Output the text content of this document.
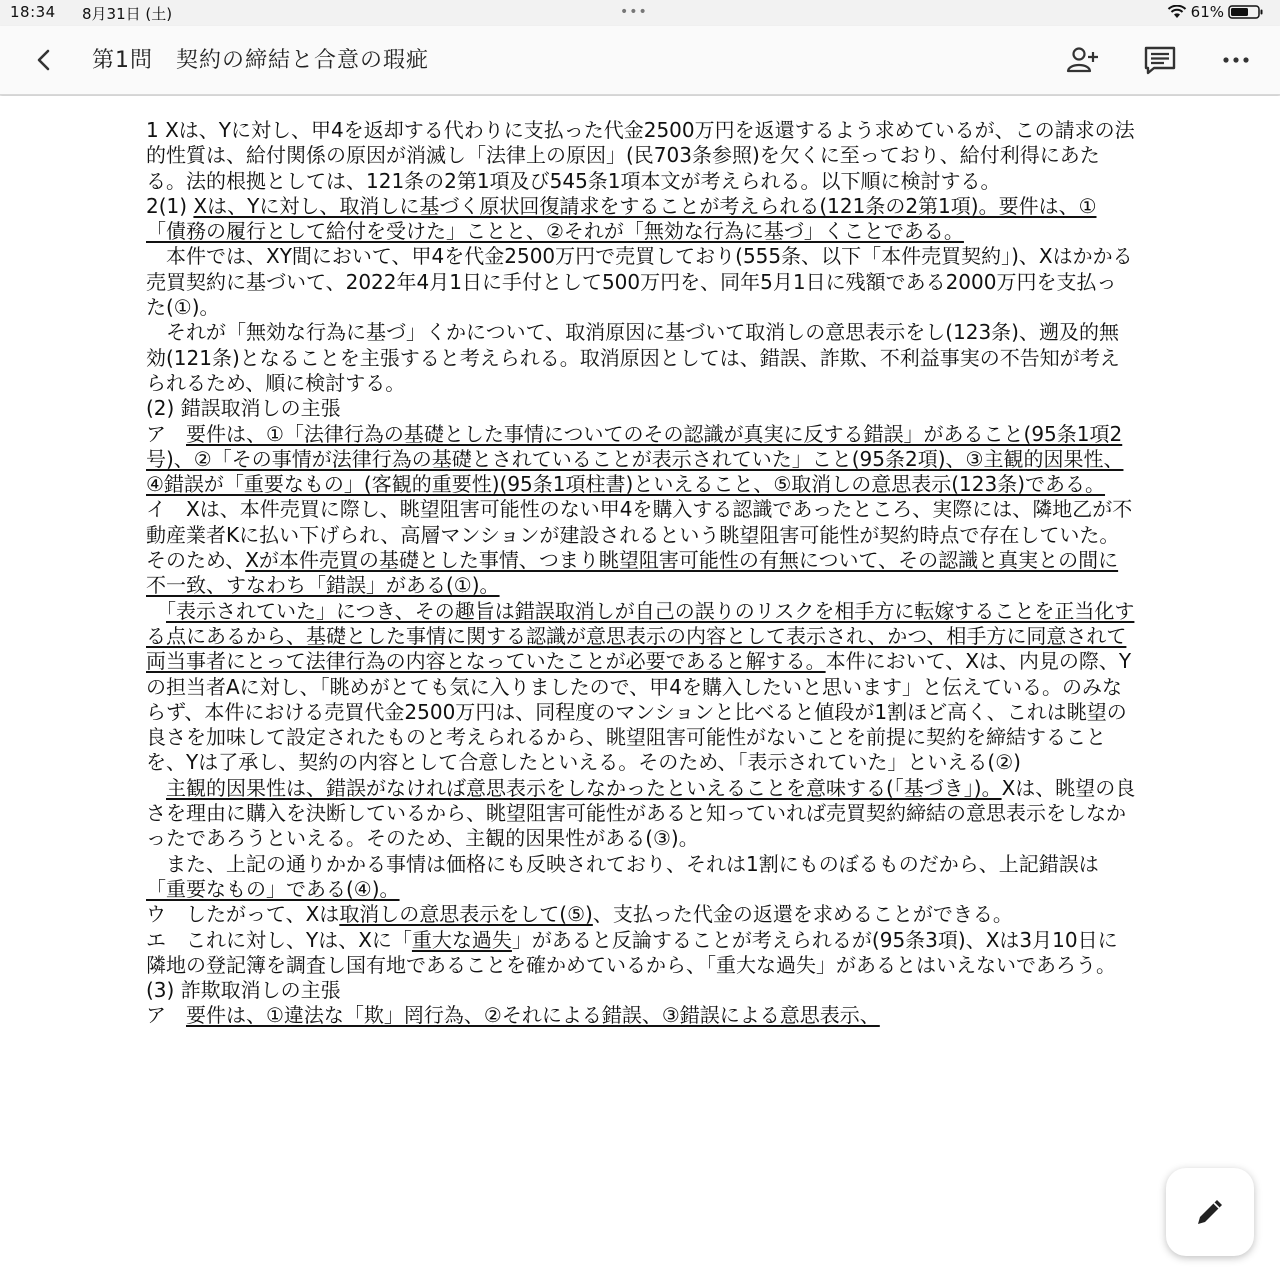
18:34 8月31日 (土)	•••	61%
第1問　契約の締結と合意の瑕疵

1 Xは、Yに対し、甲4を返却する代わりに支払った代金2500万円を返還するよう求めているが、この請求の法的性質は、給付関係の原因が消滅し「法律上の原因」(民703条参照)を欠くに至っており、給付利得にあたる。法的根拠としては、121条の2第1項及び545条1項本文が考えられる。以下順に検討する。

2(1) Xは、Yに対し、取消しに基づく原状回復請求をすることが考えられる(121条の2第1項)。要件は、①「債務の履行として給付を受けた」ことと、②それが「無効な行為に基づ」くことである。

　本件では、XY間において、甲4を代金2500万円で売買しており(555条、以下「本件売買契約」)、Xはかかる売買契約に基づいて、2022年4月1日に手付として500万円を、同年5月1日に残額である2000万円を支払った(①)。

　それが「無効な行為に基づ」くかについて、取消原因に基づいて取消しの意思表示をし(123条)、遡及的無効(121条)となることを主張すると考えられる。取消原因としては、錯誤、詐欺、不利益事実の不告知が考えられるため、順に検討する。

(2) 錯誤取消しの主張

ア　要件は、①「法律行為の基礎とした事情についてのその認識が真実に反する錯誤」があること(95条1項2号)、②「その事情が法律行為の基礎とされていることが表示されていた」こと(95条2項)、③主観的因果性、④錯誤が「重要なもの」(客観的重要性)(95条1項柱書)といえること、⑤取消しの意思表示(123条)である。

イ　Xは、本件売買に際し、眺望阻害可能性のない甲4を購入する認識であったところ、実際には、隣地乙が不動産業者Kに払い下げられ、高層マンションが建設されるという眺望阻害可能性が契約時点で存在していた。そのため、Xが本件売買の基礎とした事情、つまり眺望阻害可能性の有無について、その認識と真実との間に不一致、すなわち「錯誤」がある(①)。

　「表示されていた」につき、その趣旨は錯誤取消しが自己の誤りのリスクを相手方に転嫁することを正当化する点にあるから、基礎とした事情に関する認識が意思表示の内容として表示され、かつ、相手方に同意されて両当事者にとって法律行為の内容となっていたことが必要であると解する。本件において、Xは、内見の際、Yの担当者Aに対し、「眺めがとても気に入りましたので、甲4を購入したいと思います」と伝えている。のみならず、本件における売買代金2500万円は、同程度のマンションと比べると値段が1割ほど高く、これは眺望の良さを加味して設定されたものと考えられるから、眺望阻害可能性がないことを前提に契約を締結することを、Yは了承し、契約の内容として合意したといえる。そのため、「表示されていた」といえる(②)

　主観的因果性は、錯誤がなければ意思表示をしなかったといえることを意味する(「基づき」)。Xは、眺望の良さを理由に購入を決断しているから、眺望阻害可能性があると知っていれば売買契約締結の意思表示をしなかったであろうといえる。そのため、主観的因果性がある(③)。

　また、上記の通りかかる事情は価格にも反映されており、それは1割にものぼるものだから、上記錯誤は「重要なもの」である(④)。

ウ　したがって、Xは取消しの意思表示をして(⑤)、支払った代金の返還を求めることができる。

エ　これに対し、Yは、Xに「重大な過失」があると反論することが考えられるが(95条3項)、Xは3月10日に隣地の登記簿を調査し国有地であることを確かめているから、「重大な過失」があるとはいえないであろう。

(3) 詐欺取消しの主張

ア　要件は、①違法な「欺」罔行為、②それによる錯誤、③錯誤による意思表示、
